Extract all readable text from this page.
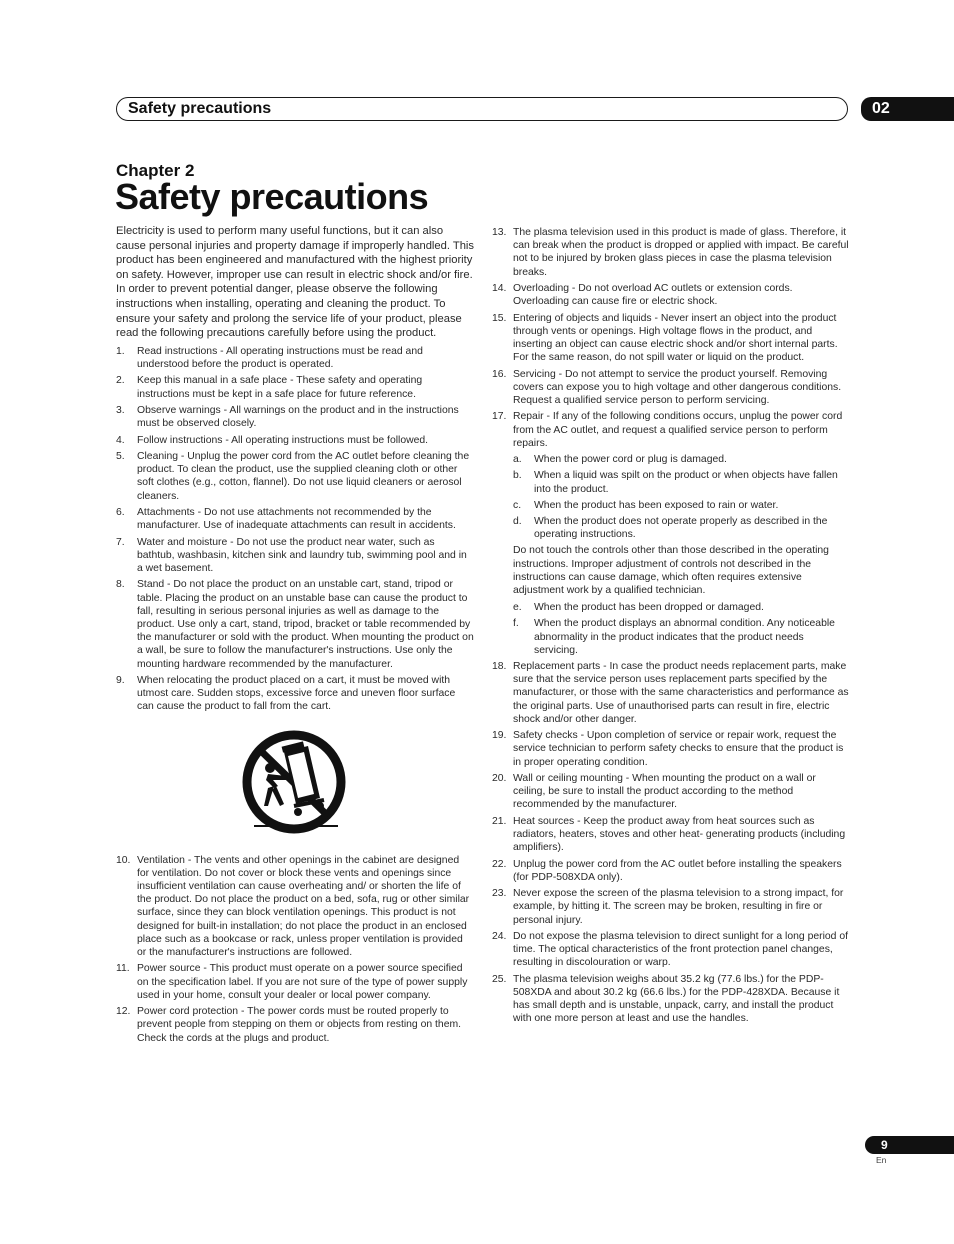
Safety precautions	02
Chapter 2
Safety precautions

Electricity is used to perform many useful functions, but it can also cause personal injuries and property damage if improperly handled. This product has been engineered and manufactured with the highest priority on safety. However, improper use can result in electric shock and/or fire. In order to prevent potential danger, please observe the following instructions when installing, operating and cleaning the product. To ensure your safety and prolong the service life of your product, please read the following precautions carefully before using the product.

1.	Read instructions - All operating instructions must be read and understood before the product is operated.
2.	Keep this manual in a safe place - These safety and operating instructions must be kept in a safe place for future reference.
3.	Observe warnings - All warnings on the product and in the instructions must be observed closely.
4.	Follow instructions - All operating instructions must be followed.
5.	Cleaning - Unplug the power cord from the AC outlet before cleaning the product. To clean the product, use the supplied cleaning cloth or other soft clothes (e.g., cotton, flannel). Do not use liquid cleaners or aerosol cleaners.
6.	Attachments - Do not use attachments not recommended by the manufacturer. Use of inadequate attachments can result in accidents.
7.	Water and moisture - Do not use the product near water, such as bathtub, washbasin, kitchen sink and laundry tub, swimming pool and in a wet basement.
8.	Stand - Do not place the product on an unstable cart, stand, tripod or table. Placing the product on an unstable base can cause the product to fall, resulting in serious personal injuries as well as damage to the product. Use only a cart, stand, tripod, bracket or table recommended by the manufacturer or sold with the product. When mounting the product on a wall, be sure to follow the manufacturer's instructions. Use only the mounting hardware recommended by the manufacturer.
9.	When relocating the product placed on a cart, it must be moved with utmost care. Sudden stops, excessive force and uneven floor surface can cause the product to fall from the cart.
10. Ventilation - The vents and other openings in the cabinet are designed for ventilation. Do not cover or block these vents and openings since insufficient ventilation can cause overheating and/ or shorten the life of the product. Do not place the product on a bed, sofa, rug or other similar surface, since they can block ventilation openings. This product is not designed for built-in installation; do not place the product in an enclosed place such as a bookcase or rack, unless proper ventilation is provided or the manufacturer's instructions are followed.
11. Power source - This product must operate on a power source specified on the specification label. If you are not sure of the type of power supply used in your home, consult your dealer or local power company.
12. Power cord protection - The power cords must be routed properly to prevent people from stepping on them or objects from resting on them. Check the cords at the plugs and product.
13. The plasma television used in this product is made of glass. Therefore, it can break when the product is dropped or applied with impact. Be careful not to be injured by broken glass pieces in case the plasma television breaks.
14. Overloading - Do not overload AC outlets or extension cords. Overloading can cause fire or electric shock.
15. Entering of objects and liquids - Never insert an object into the product through vents or openings. High voltage flows in the product, and inserting an object can cause electric shock and/or short internal parts. For the same reason, do not spill water or liquid on the product.
16. Servicing - Do not attempt to service the product yourself. Removing covers can expose you to high voltage and other dangerous conditions. Request a qualified service person to perform servicing.
17. Repair - If any of the following conditions occurs, unplug the power cord from the AC outlet, and request a qualified service person to perform repairs.
a.	When the power cord or plug is damaged.
b.	When a liquid was spilt on the product or when objects have fallen into the product.
c.	When the product has been exposed to rain or water.
d.	When the product does not operate properly as described in the operating instructions.

Do not touch the controls other than those described in the operating instructions. Improper adjustment of controls not described in the instructions can cause damage, which often requires extensive adjustment work by a qualified technician.

e.	When the product has been dropped or damaged.
f.	When the product displays an abnormal condition. Any noticeable abnormality in the product indicates that the product needs servicing.
18. Replacement parts - In case the product needs replacement parts, make sure that the service person uses replacement parts specified by the manufacturer, or those with the same characteristics and performance as the original parts. Use of unauthorised parts can result in fire, electric shock and/or other danger.
19. Safety checks - Upon completion of service or repair work, request the service technician to perform safety checks to ensure that the product is in proper operating condition.
20. Wall or ceiling mounting - When mounting the product on a wall or ceiling, be sure to install the product according to the method recommended by the manufacturer.
21. Heat sources - Keep the product away from heat sources such as radiators, heaters, stoves and other heat- generating products (including amplifiers).
22. Unplug the power cord from the AC outlet before installing the speakers (for PDP-508XDA only).
23. Never expose the screen of the plasma television to a strong impact, for example, by hitting it. The screen may be broken, resulting in fire or personal injury.
24. Do not expose the plasma television to direct sunlight for a long period of time. The optical characteristics of the front protection panel changes, resulting in discolouration or warp.
25. The plasma television weighs about 35.2 kg (77.6 lbs.) for the PDP-508XDA and about 30.2 kg (66.6 lbs.) for the PDP-428XDA. Because it has small depth and is unstable, unpack, carry, and install the product with one more person at least and use the handles.
9
En
